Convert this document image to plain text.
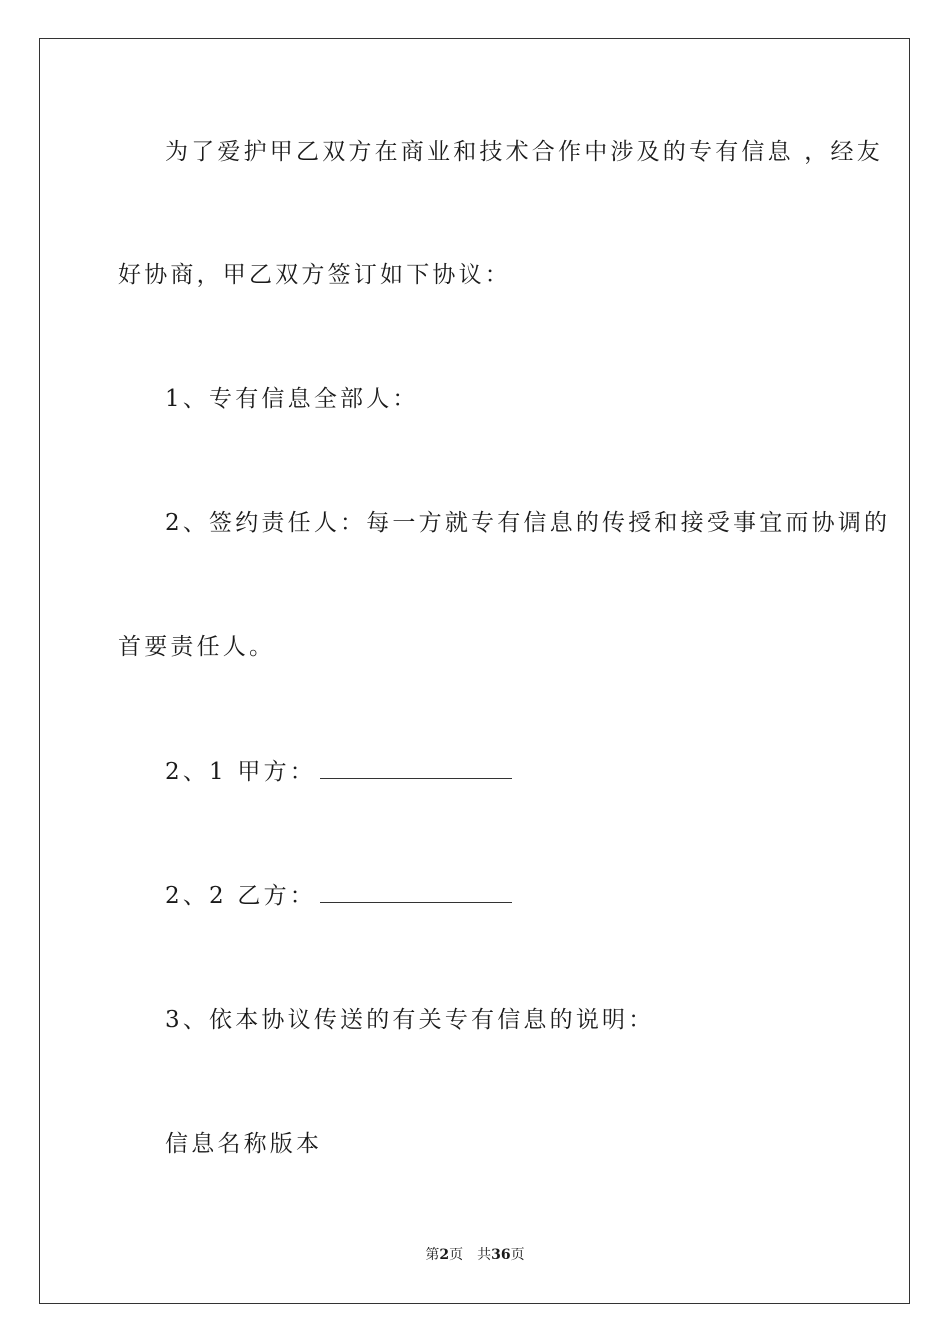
为了爱护甲乙双方在商业和技术合作中涉及的专有信息 ，经友
好协商，甲乙双方签订如下协议：
1、专有信息全部人：
2、签约责任人：每一方就专有信息的传授和接受事宜而协调的
首要责任人。
2、1 甲方：
2、2 乙方：
3、依本协议传送的有关专有信息的说明：
信息名称版本
第2页 共36页
